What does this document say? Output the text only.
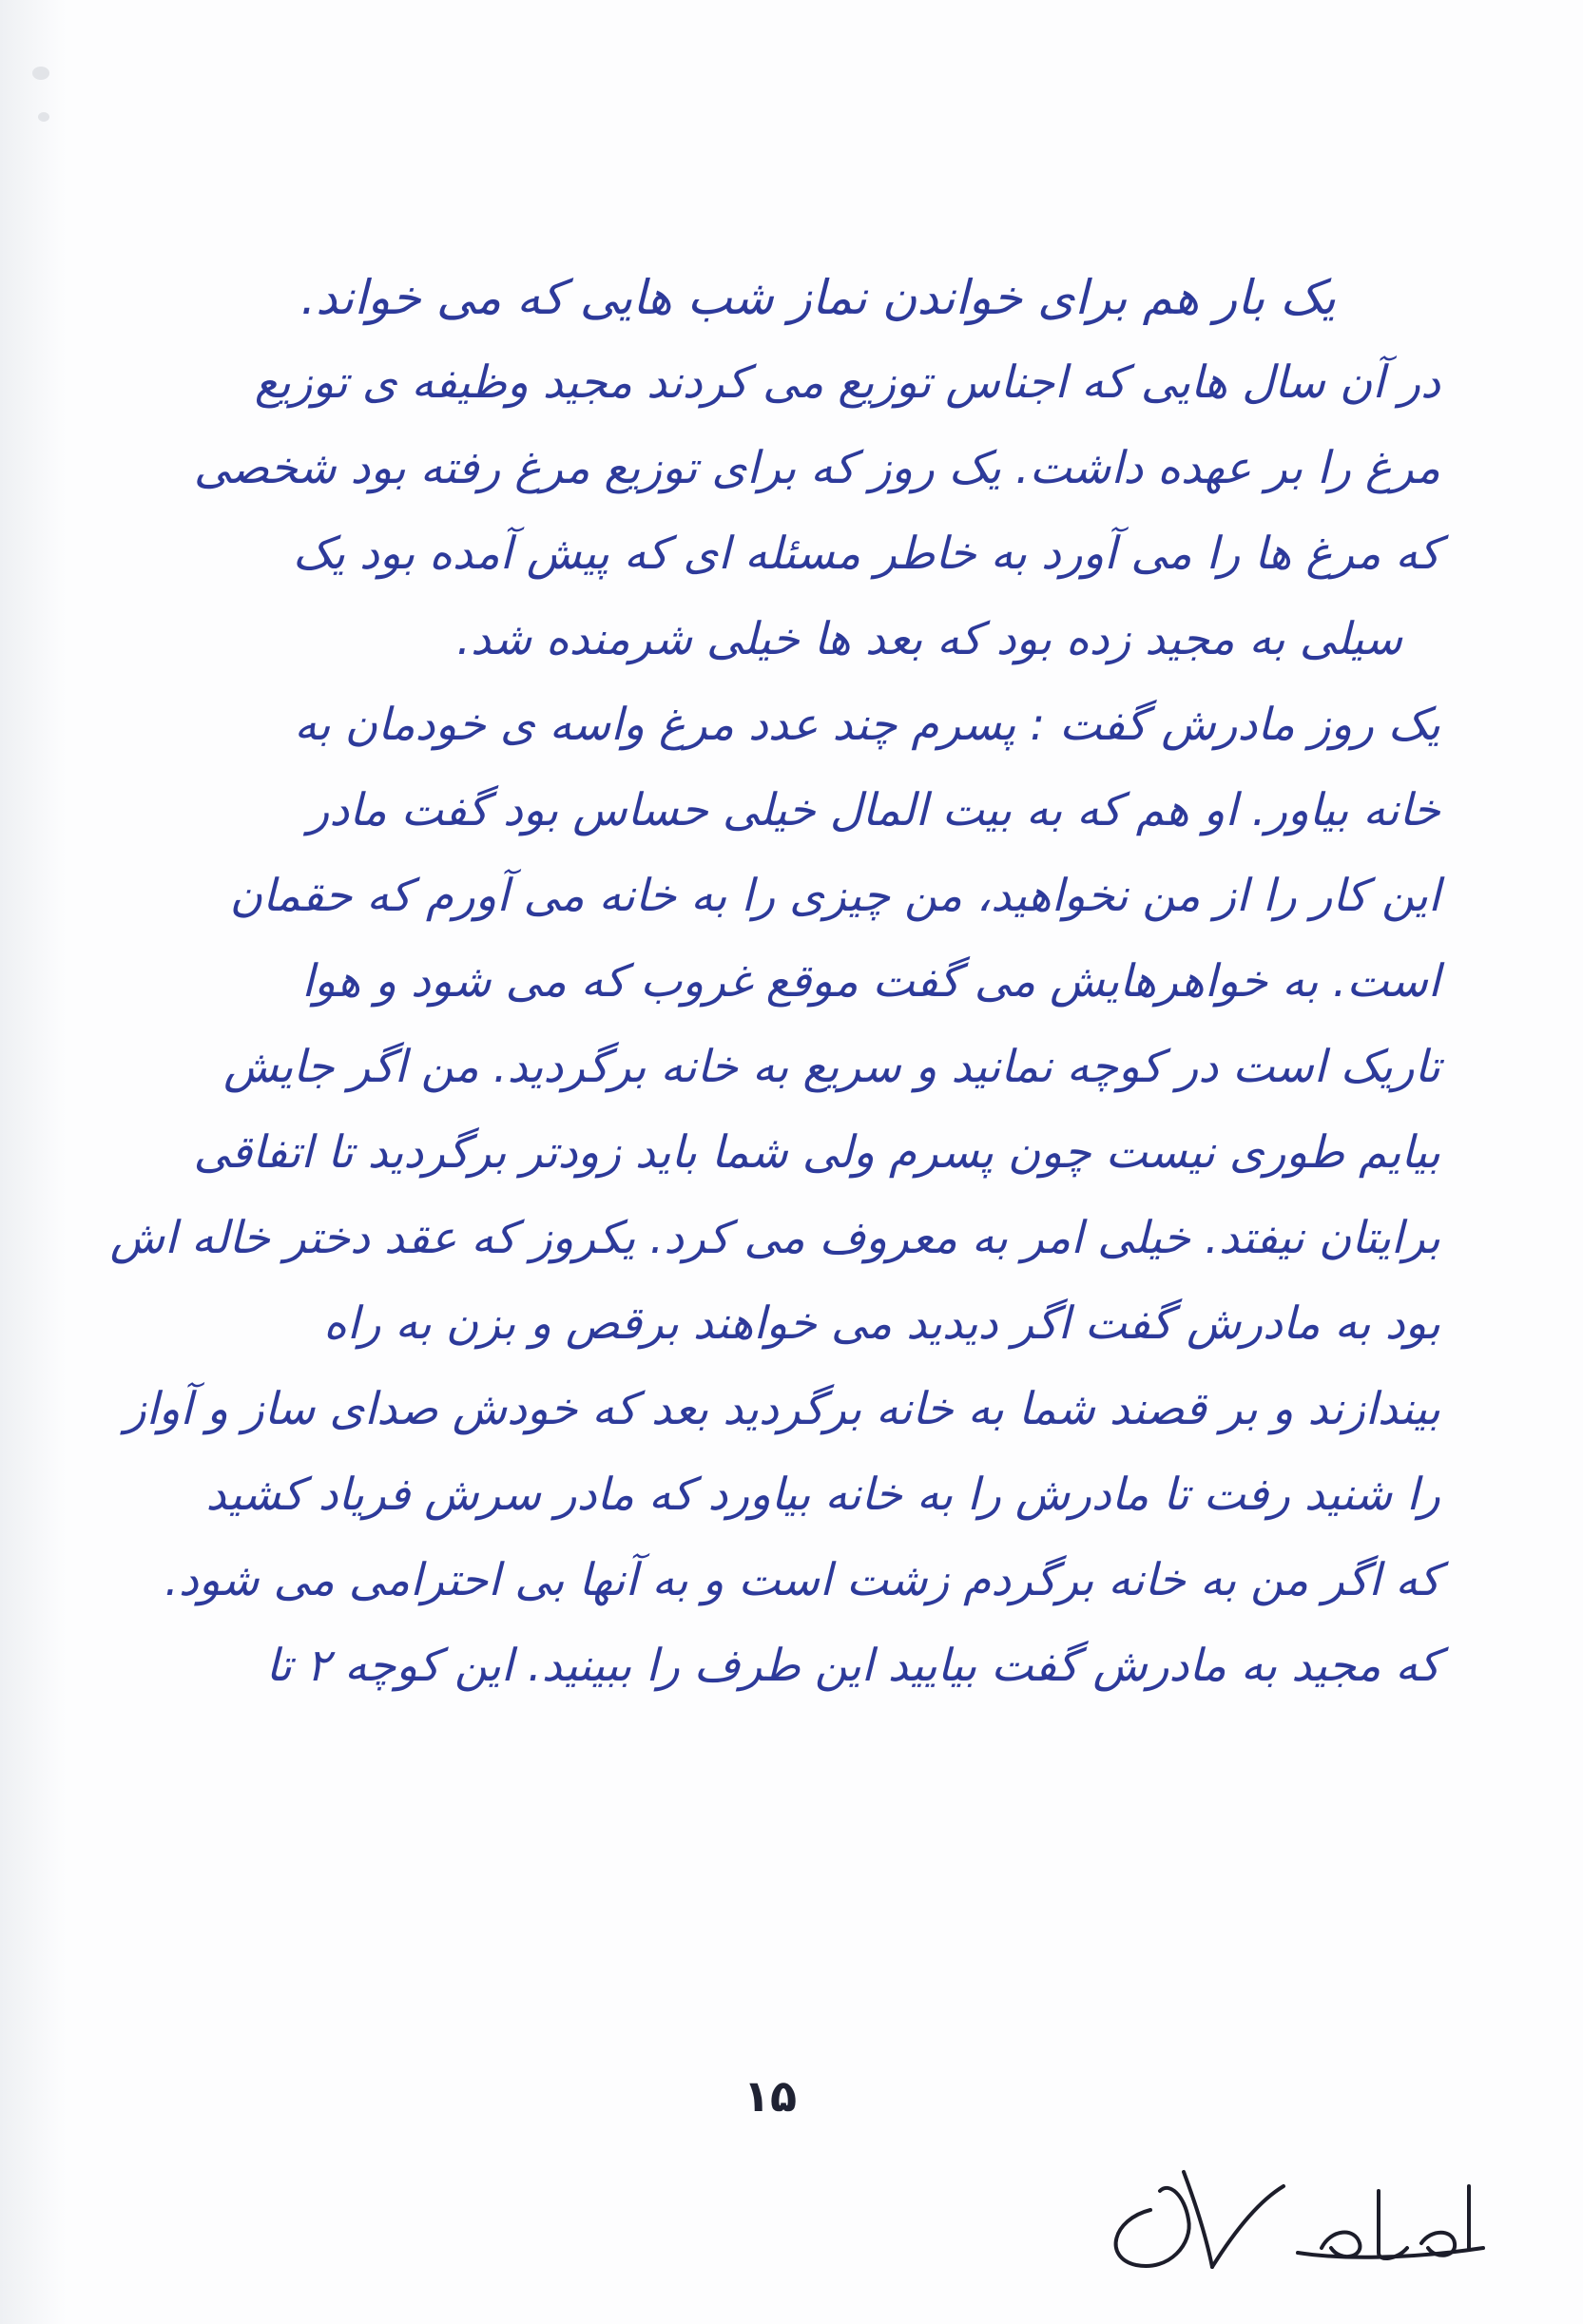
یک بار هم برای خواندن نماز شب هایی که می خواند.
در آن سال هایی که اجناس توزیع می کردند مجید وظیفه ی توزیع
مرغ را بر عهده داشت. یک روز که برای توزیع مرغ رفته بود شخصی
که مرغ ها را می آورد به خاطر مسئله ای که پیش آمده بود یک
سیلی به مجید زده بود که بعد ها خیلی شرمنده شد.
یک روز مادرش گفت : پسرم چند عدد مرغ واسه ی خودمان به
خانه بیاور. او هم که به بیت المال خیلی حساس بود گفت مادر
این کار را از من نخواهید، من چیزی را به خانه می آورم که حقمان
است. به خواهرهایش می گفت موقع غروب که می شود و هوا
تاریک است در کوچه نمانید و سریع به خانه برگردید. من اگر جایش
بیایم طوری نیست چون پسرم ولی شما باید زودتر برگردید تا اتفاقی
برایتان نیفتد. خیلی امر به معروف می کرد. یکروز که عقد دختر خاله اش
بود به مادرش گفت اگر دیدید می خواهند برقص و بزن به راه
بیندازند و بر قصند شما به خانه برگردید بعد که خودش صدای ساز و آواز
را شنید رفت تا مادرش را به خانه بیاورد که مادر سرش فریاد کشید
که اگر من به خانه برگردم زشت است و به آنها بی احترامی می شود.
که مجید به مادرش گفت بیایید این طرف را ببینید. این کوچه ۲ تا
۱۵
